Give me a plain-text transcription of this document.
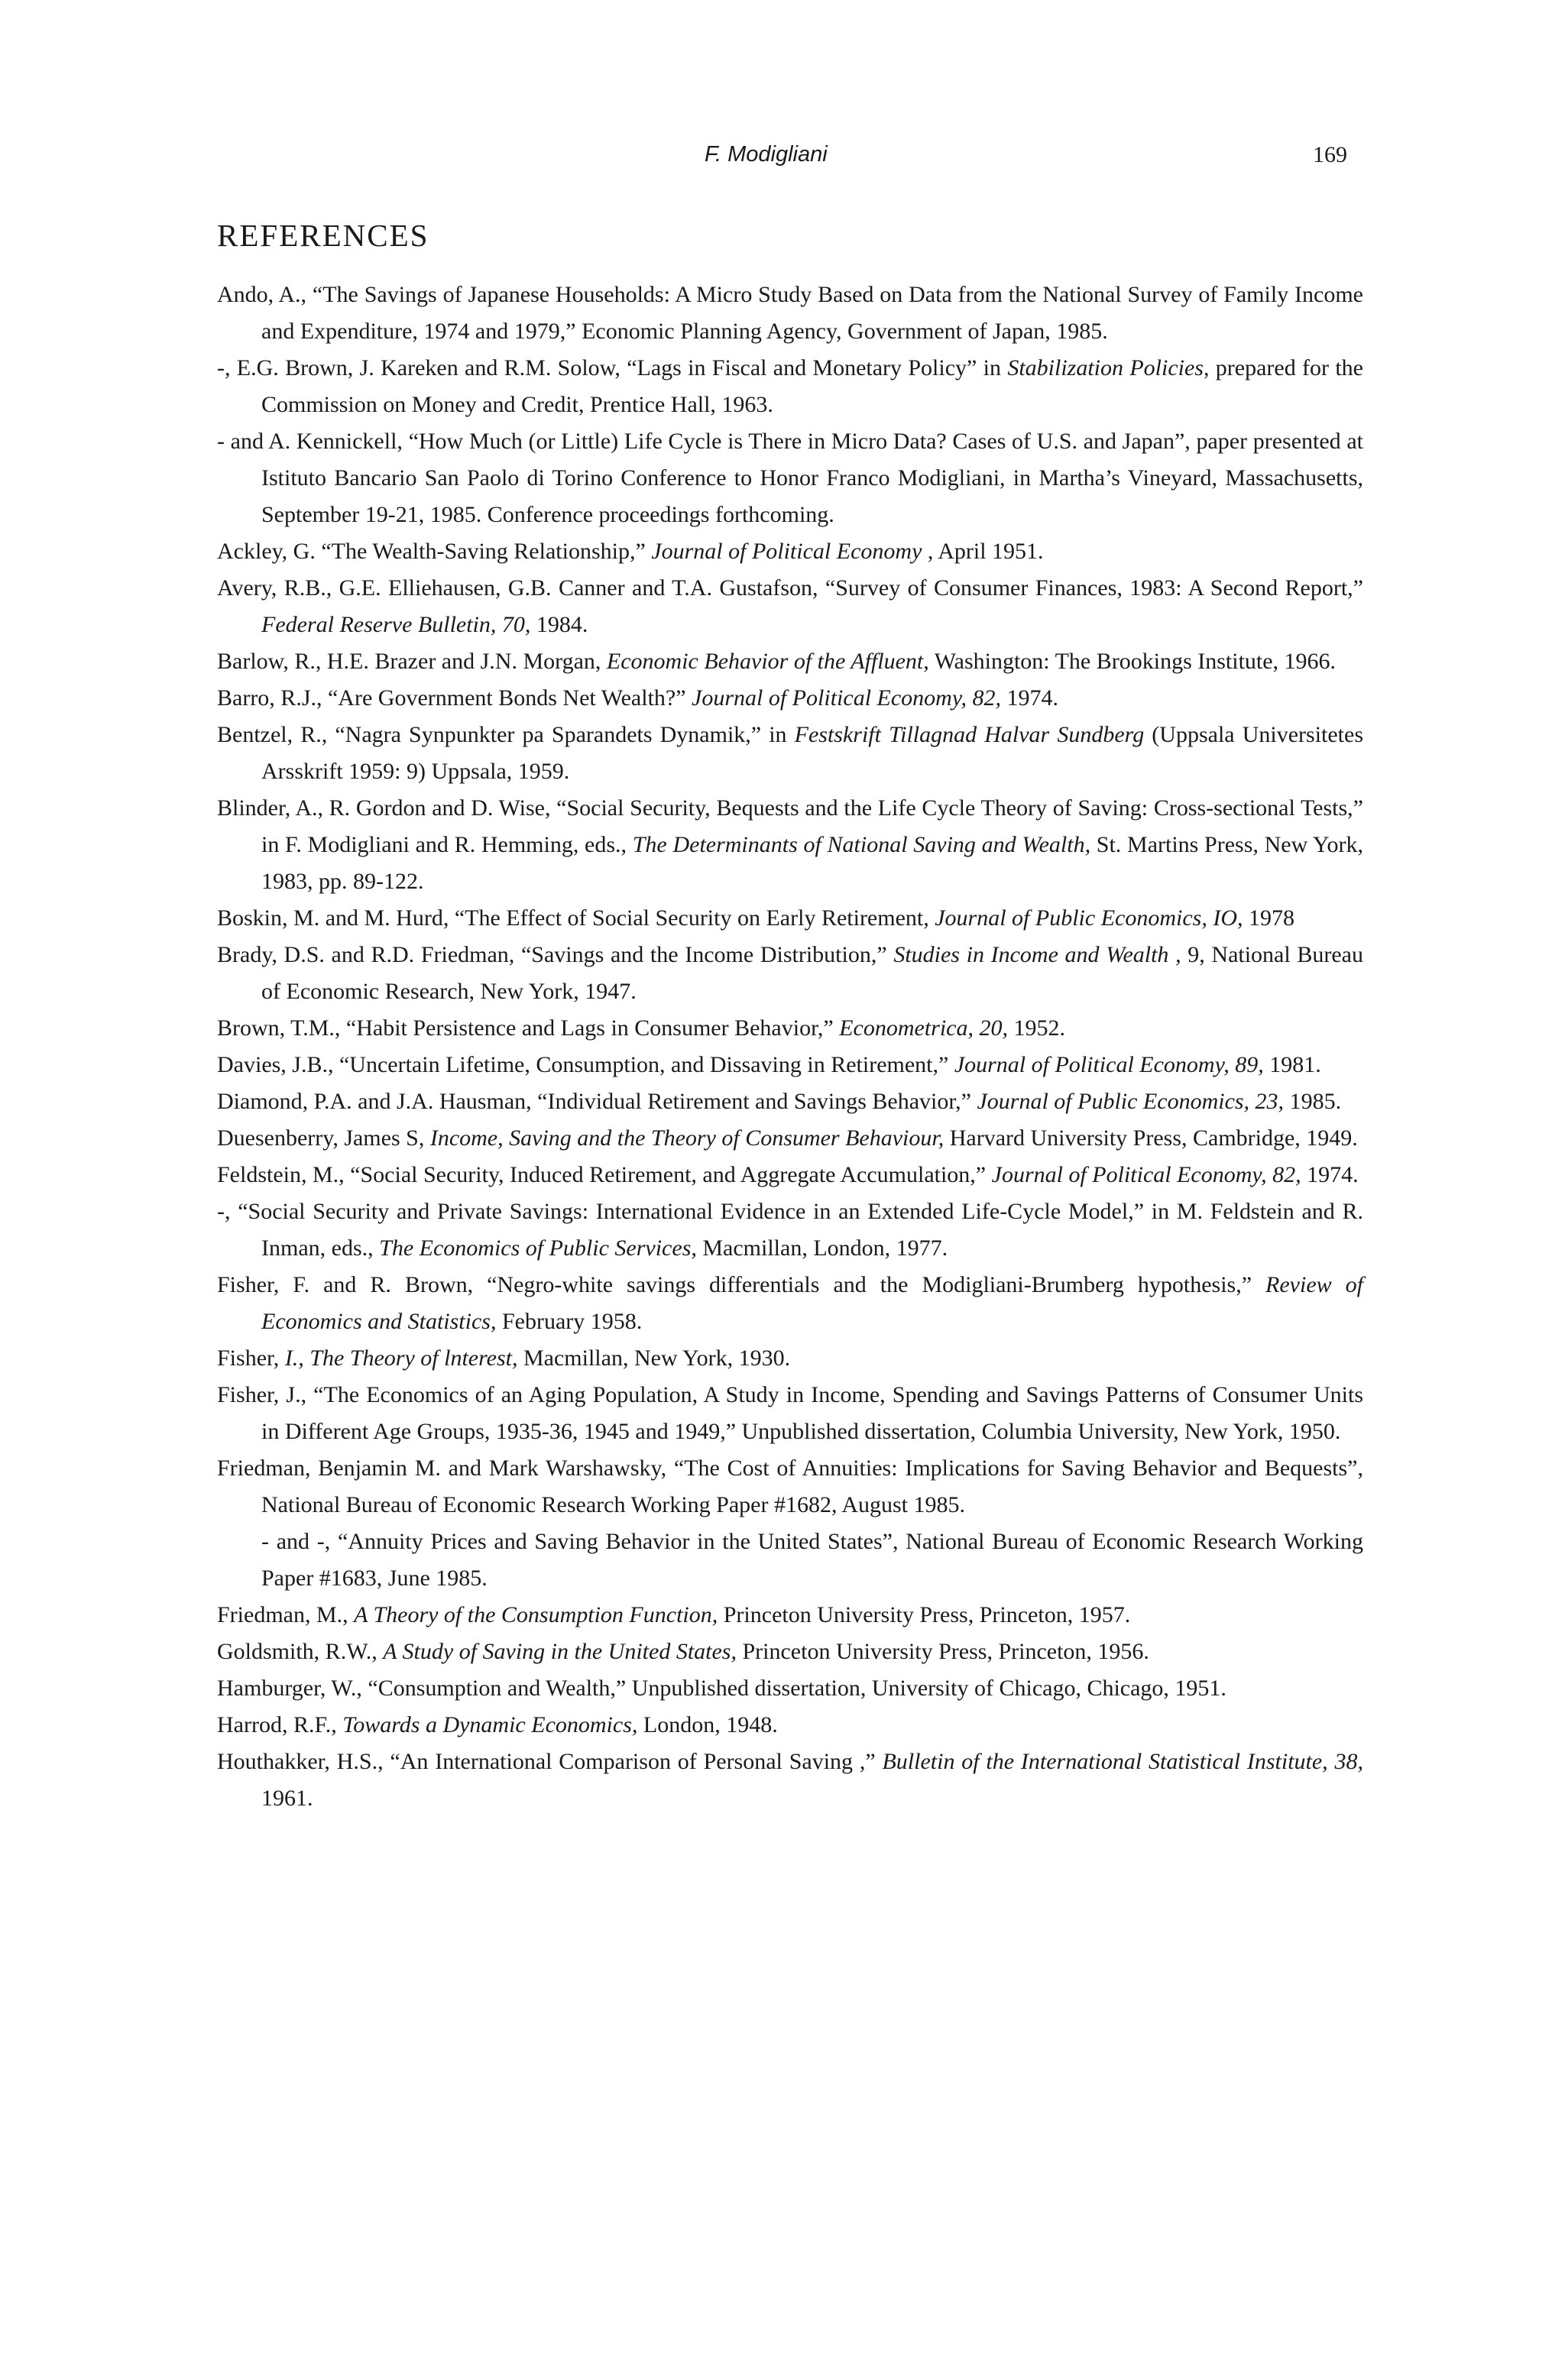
F. Modigliani	169
REFERENCES

Ando, A., “The Savings of Japanese Households: A Micro Study Based on Data from the National Survey of Family Income and Expenditure, 1974 and 1979,” Economic Planning Agency, Government of Japan, 1985.

-, E.G. Brown, J. Kareken and R.M. Solow, “Lags in Fiscal and Monetary Policy” in Stabilization Policies, prepared for the Commission on Money and Credit, Prentice Hall, 1963.

- and A. Kennickell, “How Much (or Little) Life Cycle is There in Micro Data? Cases of U.S. and Japan”, paper presented at Istituto Bancario San Paolo di Torino Conference to Honor Franco Modigliani, in Martha’s Vineyard, Massachusetts, September 19-21, 1985. Conference proceedings forthcoming.

Ackley, G. “The Wealth-Saving Relationship,” Journal of Political Economy , April 1951.

Avery, R.B., G.E. Elliehausen, G.B. Canner and T.A. Gustafson, “Survey of Consumer Finances, 1983: A Second Report,” Federal Reserve Bulletin, 70, 1984.

Barlow, R., H.E. Brazer and J.N. Morgan, Economic Behavior of the Affluent, Washington: The Brookings Institute, 1966.

Barro, R.J., “Are Government Bonds Net Wealth?” Journal of Political Economy, 82, 1974.

Bentzel, R., “Nagra Synpunkter pa Sparandets Dynamik,” in Festskrift Tillagnad Halvar Sundberg (Uppsala Universitetes Arsskrift 1959: 9) Uppsala, 1959.

Blinder, A., R. Gordon and D. Wise, “Social Security, Bequests and the Life Cycle Theory of Saving: Cross-sectional Tests,” in F. Modigliani and R. Hemming, eds., The Determinants of National Saving and Wealth, St. Martins Press, New York, 1983, pp. 89-122.

Boskin, M. and M. Hurd, “The Effect of Social Security on Early Retirement, Journal of Public Economics, IO, 1978

Brady, D.S. and R.D. Friedman, “Savings and the Income Distribution,” Studies in Income and Wealth , 9, National Bureau of Economic Research, New York, 1947.

Brown, T.M., “Habit Persistence and Lags in Consumer Behavior,” Econometrica, 20, 1952.

Davies, J.B., “Uncertain Lifetime, Consumption, and Dissaving in Retirement,” Journal of Political Economy, 89, 1981.

Diamond, P.A. and J.A. Hausman, “Individual Retirement and Savings Behavior,” Journal of Public Economics, 23, 1985.

Duesenberry, James S, Income, Saving and the Theory of Consumer Behaviour, Harvard University Press, Cambridge, 1949.

Feldstein, M., “Social Security, Induced Retirement, and Aggregate Accumulation,” Journal of Political Economy, 82, 1974.

-, “Social Security and Private Savings: International Evidence in an Extended Life-Cycle Model,” in M. Feldstein and R. Inman, eds., The Economics of Public Services, Macmillan, London, 1977.

Fisher, F. and R. Brown, “Negro-white savings differentials and the Modigliani-Brumberg hypothesis,” Review of Economics and Statistics, February 1958.

Fisher, I., The Theory of lnterest, Macmillan, New York, 1930.

Fisher, J., “The Economics of an Aging Population, A Study in Income, Spending and Savings Patterns of Consumer Units in Different Age Groups, 1935-36, 1945 and 1949,” Unpublished dissertation, Columbia University, New York, 1950.

Friedman, Benjamin M. and Mark Warshawsky, “The Cost of Annuities: Implications for Saving Behavior and Bequests”, National Bureau of Economic Research Working Paper #1682, August 1985.

- and -, “Annuity Prices and Saving Behavior in the United States”, National Bureau of Economic Research Working Paper #1683, June 1985.

Friedman, M., A Theory of the Consumption Function, Princeton University Press, Princeton, 1957.

Goldsmith, R.W., A Study of Saving in the United States, Princeton University Press, Princeton, 1956.

Hamburger, W., “Consumption and Wealth,” Unpublished dissertation, University of Chicago, Chicago, 1951.

Harrod, R.F., Towards a Dynamic Economics, London, 1948.

Houthakker, H.S., “An International Comparison of Personal Saving ,” Bulletin of the International Statistical Institute, 38, 1961.
